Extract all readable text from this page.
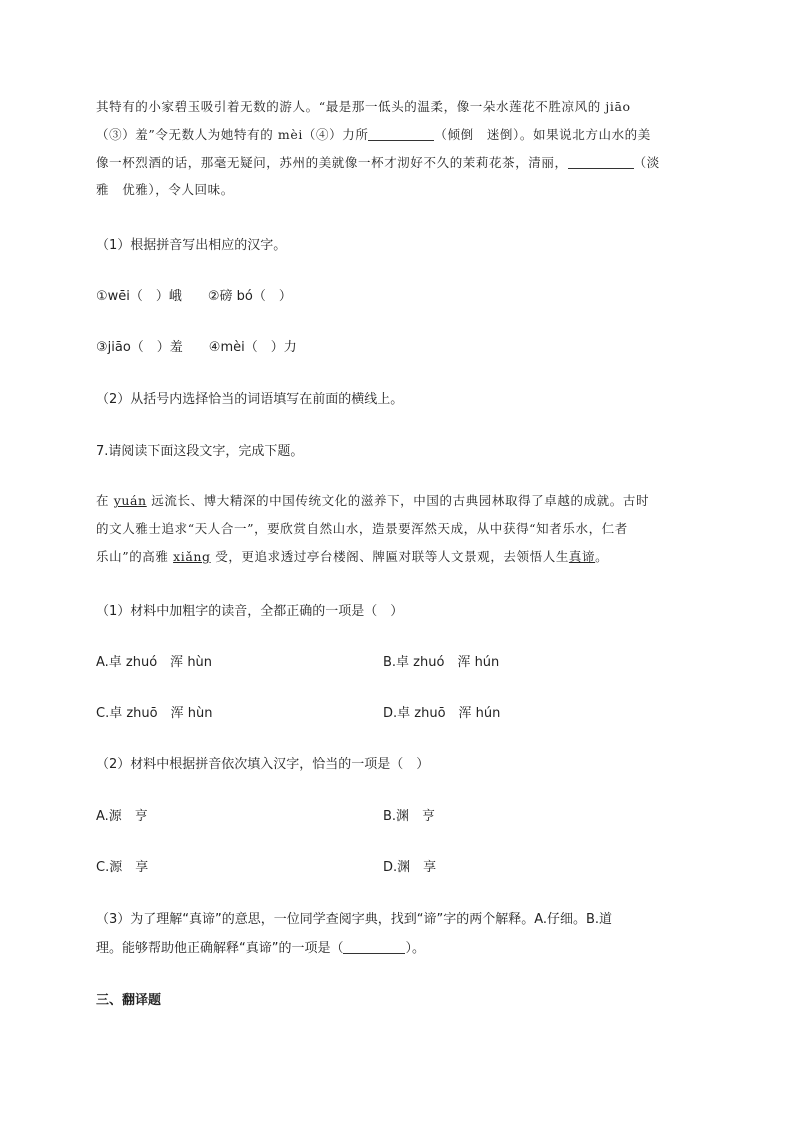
其特有的小家碧玉吸引着无数的游人。“最是那一低头的温柔，像一朵水莲花不胜凉风的 jiāo
（③）羞”令无数人为她特有的 mèi（④）力所	（倾倒　迷倒）。如果说北方山水的美
像一杯烈酒的话，那毫无疑问，苏州的美就像一杯才沏好不久的茉莉花茶，清丽，	（淡
雅　优雅），令人回味。
（1）根据拼音写出相应的汉字。
①wēi（　）峨　　②磅 bó（　）
③jiāo（　）羞　　④mèi（　）力
（2）从括号内选择恰当的词语填写在前面的横线上。
7.请阅读下面这段文字，完成下题。
在 yuán 远流长、博大精深的中国传统文化的滋养下，中国的古典园林取得了卓越的成就。古时
的文人雅士追求“天人合一”，要欣赏自然山水，造景要浑然天成，从中获得“知者乐水，仁者
乐山”的高雅 xiǎng 受，更追求透过亭台楼阁、牌匾对联等人文景观，去领悟人生真谛。
（1）材料中加粗字的读音，全都正确的一项是（　）
A.卓 zhuó　浑 hùn	B.卓 zhuó　浑 hún
C.卓 zhuō　浑 hùn	D.卓 zhuō　浑 hún
（2）材料中根据拼音依次填入汉字，恰当的一项是（　）
A.源　亨	B.渊　亨
C.源　享	D.渊　享
（3）为了理解“真谛”的意思，一位同学查阅字典，找到“谛”字的两个解释。A.仔细。B.道
理。能够帮助他正确解释“真谛”的一项是（	）。
三、翻译题
